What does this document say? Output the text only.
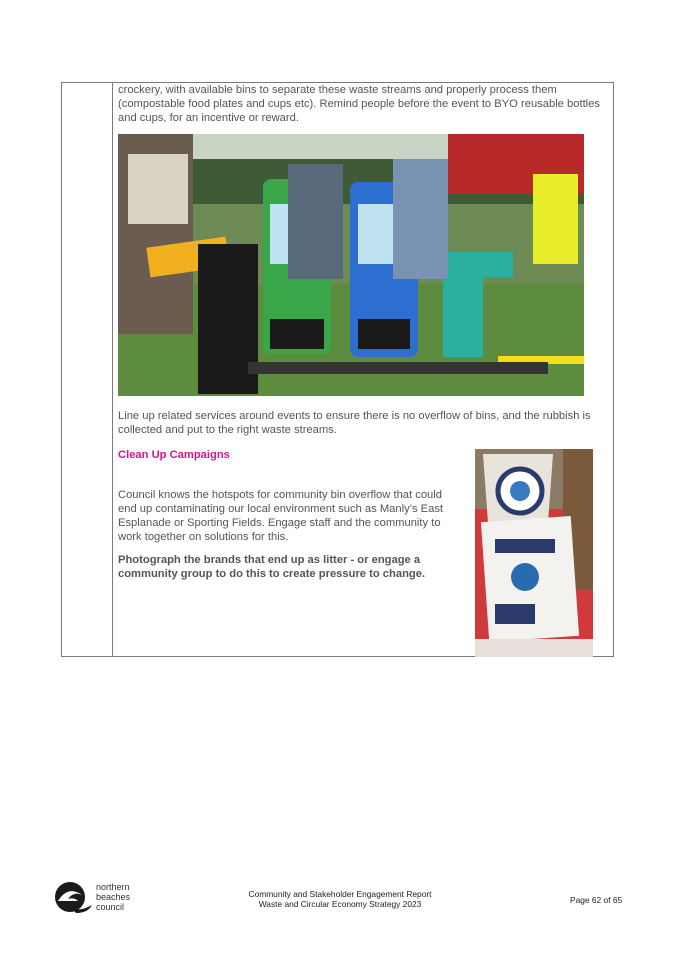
crockery, with available bins to separate these waste streams and properly process them (compostable food plates and cups etc). Remind people before the event to BYO reusable bottles and cups, for an incentive or reward.

Line up related services around events to ensure there is no overflow of bins, and the rubbish is collected and put to the right waste streams.

Clean Up Campaigns

Council knows the hotspots for community bin overflow that could end up contaminating our local environment such as Manly’s East Esplanade or Sporting Fields. Engage staff and the community to work together on solutions for this.

Photograph the brands that end up as litter - or engage a community group to do this to create pressure to change.

northern
beaches
council
Community and Stakeholder Engagement Report
Waste and Circular Economy Strategy 2023	Page 62 of 65
